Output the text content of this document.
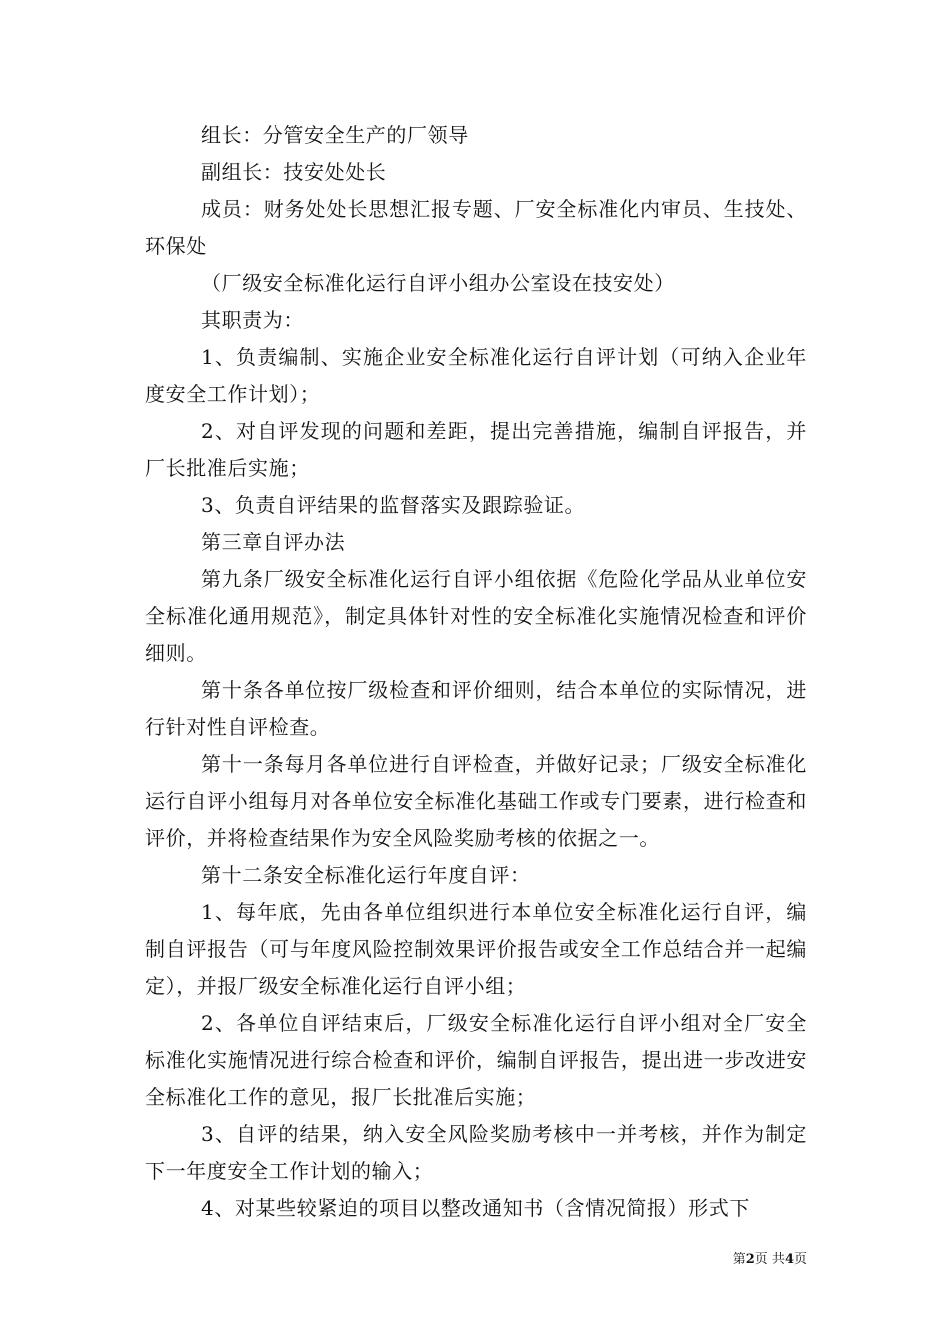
组长：分管安全生产的厂领导

副组长：技安处处长

成员：财务处处长思想汇报专题、厂安全标准化内审员、生技处、环保处

（厂级安全标准化运行自评小组办公室设在技安处）

其职责为：

1、负责编制、实施企业安全标准化运行自评计划（可纳入企业年度安全工作计划）；

2、对自评发现的问题和差距，提出完善措施，编制自评报告，并厂长批准后实施；

3、负责自评结果的监督落实及跟踪验证。

第三章自评办法

第九条厂级安全标准化运行自评小组依据《危险化学品从业单位安全标准化通用规范》，制定具体针对性的安全标准化实施情况检查和评价细则。

第十条各单位按厂级检查和评价细则，结合本单位的实际情况，进行针对性自评检查。

第十一条每月各单位进行自评检查，并做好记录；厂级安全标准化运行自评小组每月对各单位安全标准化基础工作或专门要素，进行检查和评价，并将检查结果作为安全风险奖励考核的依据之一。

第十二条安全标准化运行年度自评：

1、每年底，先由各单位组织进行本单位安全标准化运行自评，编制自评报告（可与年度风险控制效果评价报告或安全工作总结合并一起编定），并报厂级安全标准化运行自评小组；

2、各单位自评结束后，厂级安全标准化运行自评小组对全厂安全标准化实施情况进行综合检查和评价，编制自评报告，提出进一步改进安全标准化工作的意见，报厂长批准后实施；

3、自评的结果，纳入安全风险奖励考核中一并考核，并作为制定下一年度安全工作计划的输入；

4、对某些较紧迫的项目以整改通知书（含情况简报）形式下

第2页 共4页
